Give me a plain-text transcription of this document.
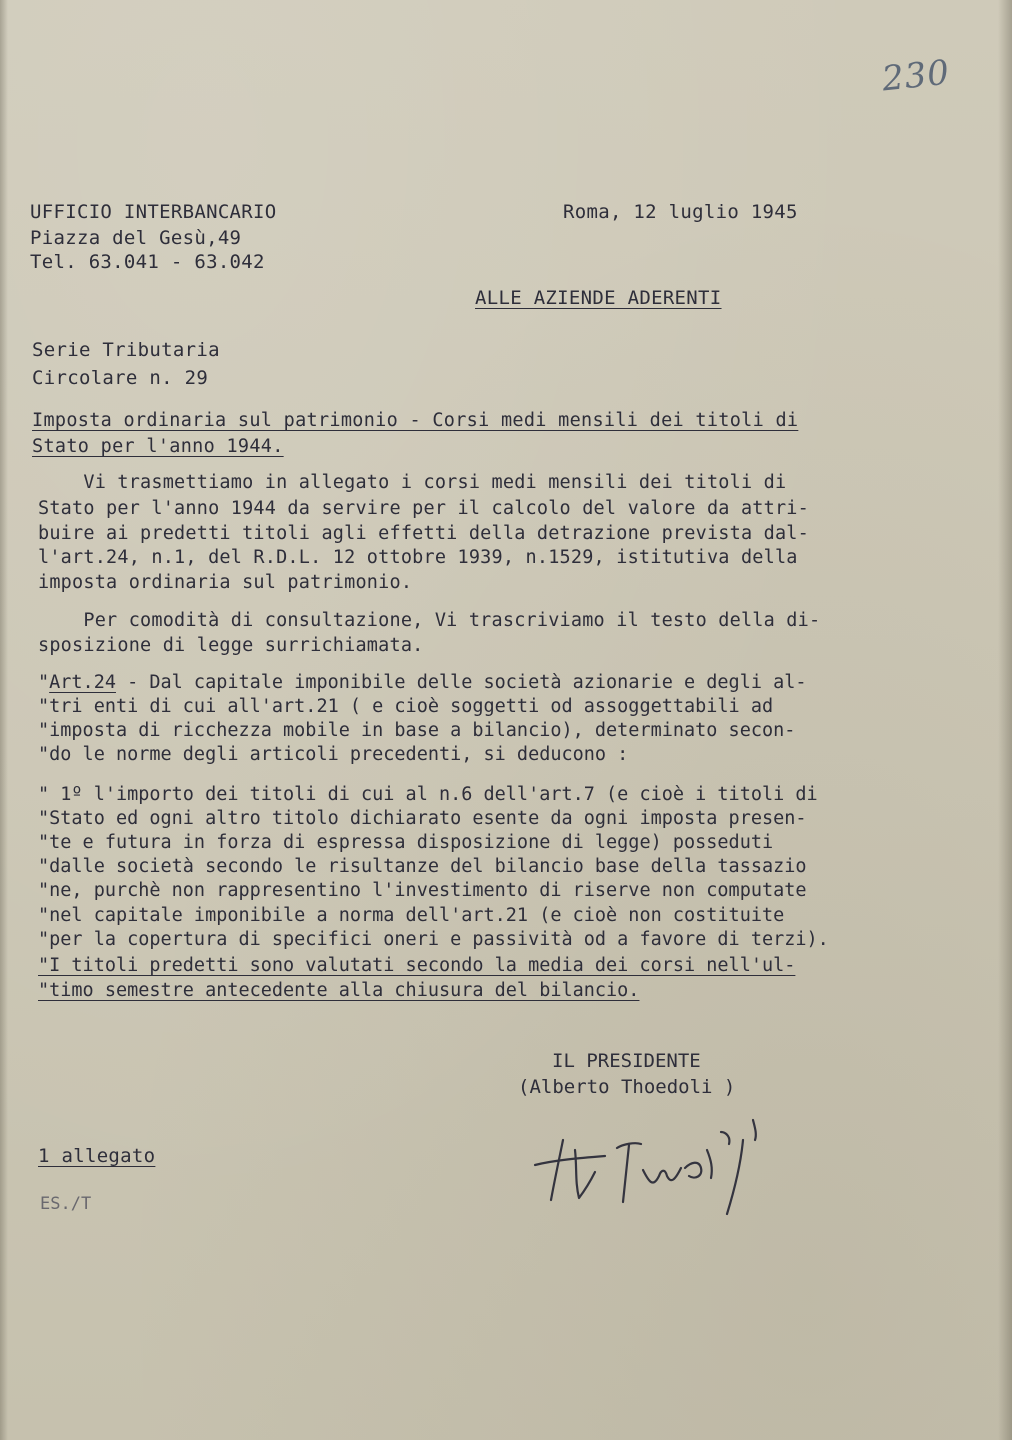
230
UFFICIO INTERBANCARIO
Piazza del Gesù,49
Tel. 63.041 - 63.042
Roma, 12 luglio 1945
ALLE AZIENDE ADERENTI
Serie Tributaria
Circolare n. 29
Imposta ordinaria sul patrimonio - Corsi medi mensili dei titoli di
Stato per l'anno 1944.
Vi trasmettiamo in allegato i corsi medi mensili dei titoli di
Stato per l'anno 1944 da servire per il calcolo del valore da attri-
buire ai predetti titoli agli effetti della detrazione prevista dal-
l'art.24, n.1, del R.D.L. 12 ottobre 1939, n.1529, istitutiva della
imposta ordinaria sul patrimonio.
Per comodità di consultazione, Vi trascriviamo il testo della di-
sposizione di legge surrichiamata.
"Art.24 - Dal capitale imponibile delle società azionarie e degli al-
"tri enti di cui all'art.21 ( e cioè soggetti od assoggettabili ad
"imposta di ricchezza mobile in base a bilancio), determinato secon-
"do le norme degli articoli precedenti, si deducono :
" 1º l'importo dei titoli di cui al n.6 dell'art.7 (e cioè i titoli di
"Stato ed ogni altro titolo dichiarato esente da ogni imposta presen-
"te e futura in forza di espressa disposizione di legge) posseduti
"dalle società secondo le risultanze del bilancio base della tassazio
"ne, purchè non rappresentino l'investimento di riserve non computate
"nel capitale imponibile a norma dell'art.21 (e cioè non costituite
"per la copertura di specifici oneri e passività od a favore di terzi).
"I titoli predetti sono valutati secondo la media dei corsi nell'ul-
"timo semestre antecedente alla chiusura del bilancio.
IL PRESIDENTE
(Alberto Thoedoli )
1 allegato
ES./T
